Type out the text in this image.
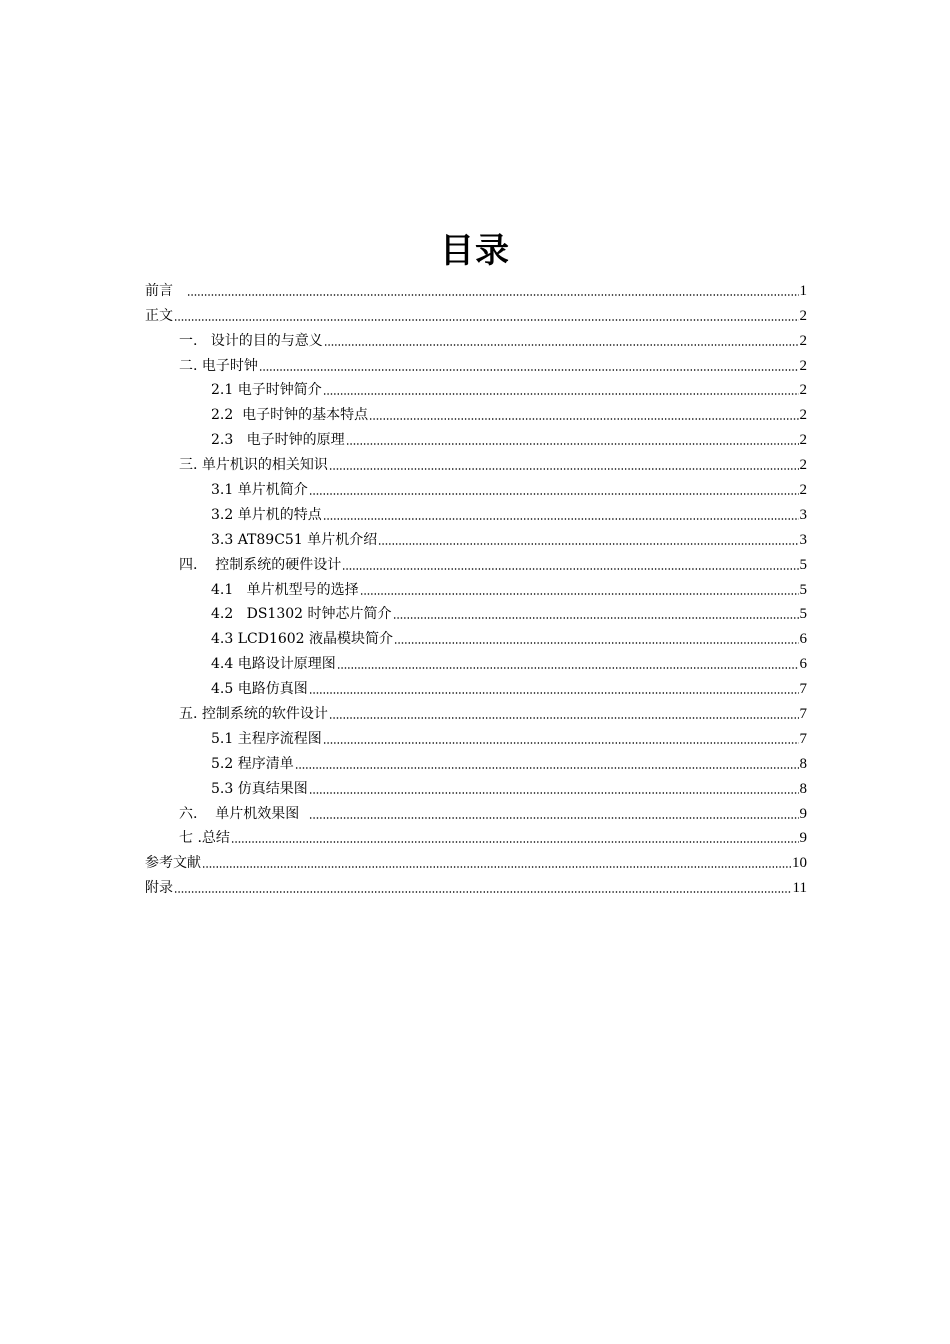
目录
前言	1
正文	2
一.   设计的目的与意义	2
二. 电子时钟	2
2.1 电子时钟简介	2
2.2  电子时钟的基本特点	2
2.3   电子时钟的原理	2
三. 单片机识的相关知识	2
3.1 单片机简介	2
3.2 单片机的特点	3
3.3 AT89C51 单片机介绍	3
四.    控制系统的硬件设计	5
4.1   单片机型号的选择	5
4.2   DS1302 时钟芯片简介	5
4.3 LCD1602 液晶模块简介	6
4.4 电路设计原理图	6
4.5 电路仿真图	7
五. 控制系统的软件设计	7
5.1 主程序流程图	7
5.2 程序清单	8
5.3 仿真结果图	8
六.    单片机效果图	9
七 .总结	9
参考文献	10
附录	11
